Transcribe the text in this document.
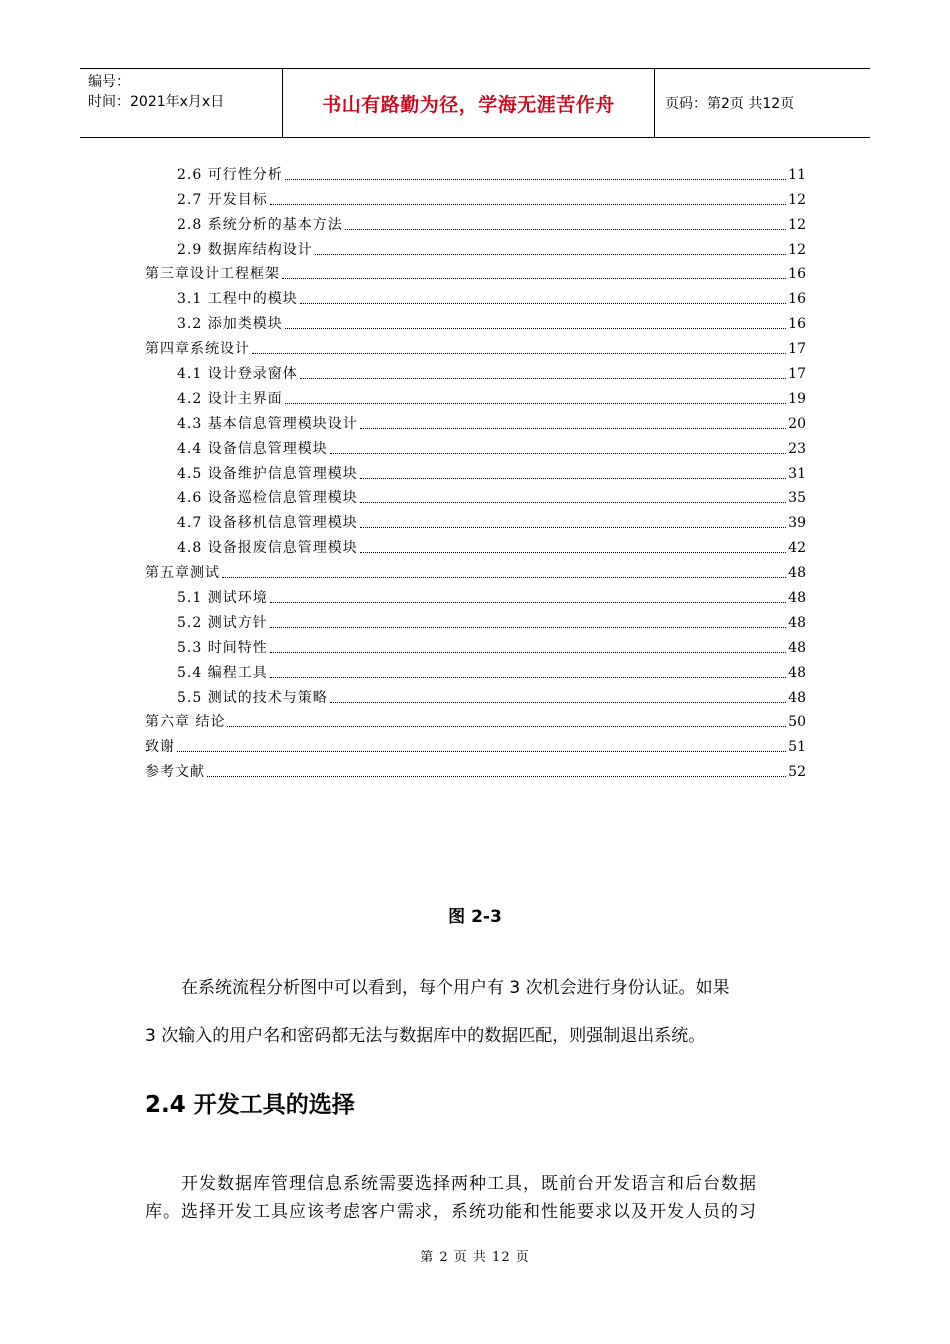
编号：
时间：2021年x月x日	书山有路勤为径，学海无涯苦作舟	页码：第2页 共12页
2.6 可行性分析	11
2.7 开发目标	12
2.8 系统分析的基本方法	12
2.9 数据库结构设计	12
第三章设计工程框架	16
3.1 工程中的模块	16
3.2 添加类模块	16
第四章系统设计	17
4.1 设计登录窗体	17
4.2 设计主界面	19
4.3 基本信息管理模块设计	20
4.4 设备信息管理模块	23
4.5 设备维护信息管理模块	31
4.6 设备巡检信息管理模块	35
4.7 设备移机信息管理模块	39
4.8 设备报废信息管理模块	42
第五章测试	48
5.1 测试环境	48
5.2 测试方针	48
5.3 时间特性	48
5.4 编程工具	48
5.5 测试的技术与策略	48
第六章 结论	50
致谢	51
参考文献	52
图 2-3
在系统流程分析图中可以看到，每个用户有 3 次机会进行身份认证。如果
3 次输入的用户名和密码都无法与数据库中的数据匹配，则强制退出系统。
2.4 开发工具的选择
开发数据库管理信息系统需要选择两种工具，既前台开发语言和后台数据
库。选择开发工具应该考虑客户需求，系统功能和性能要求以及开发人员的习
第 2 页 共 12 页
